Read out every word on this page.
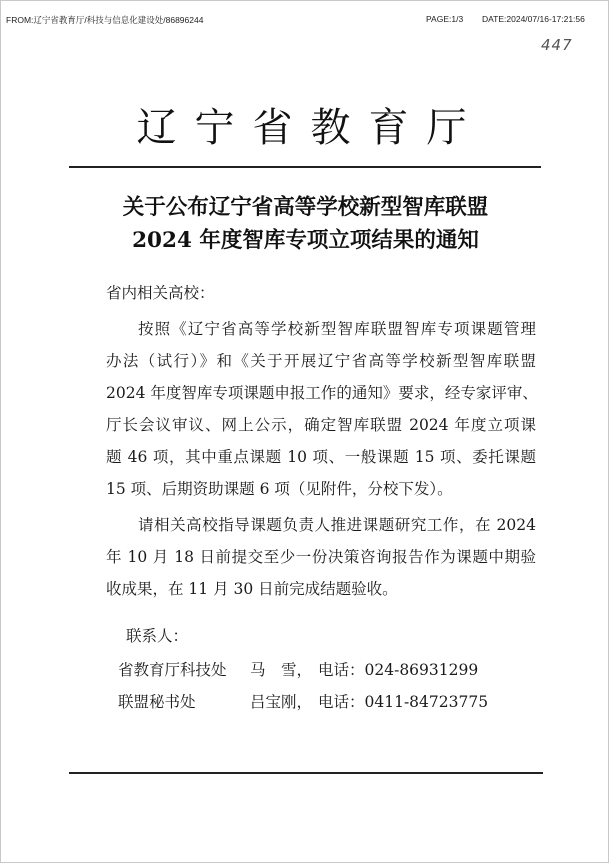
FROM:辽宁省教育厅/科技与信息化建设处/86896244	PAGE:1/3 DATE:2024/07/16-17:21:56
447
辽宁省教育厅
关于公布辽宁省高等学校新型智库联盟
2024 年度智库专项立项结果的通知
省内相关高校：
按照《辽宁省高等学校新型智库联盟智库专项课题管理
办法（试行）》和《关于开展辽宁省高等学校新型智库联盟
2024 年度智库专项课题申报工作的通知》要求，经专家评审、
厅长会议审议、网上公示，确定智库联盟 2024 年度立项课
题 46 项，其中重点课题 10 项、一般课题 15 项、委托课题
15 项、后期资助课题 6 项（见附件，分校下发）。
请相关高校指导课题负责人推进课题研究工作，在 2024
年 10 月 18 日前提交至少一份决策咨询报告作为课题中期验
收成果，在 11 月 30 日前完成结题验收。
联系人：
省教育厅科技处 马　雪， 电话：024-86931299
联盟秘书处	吕宝刚， 电话：0411-84723775
